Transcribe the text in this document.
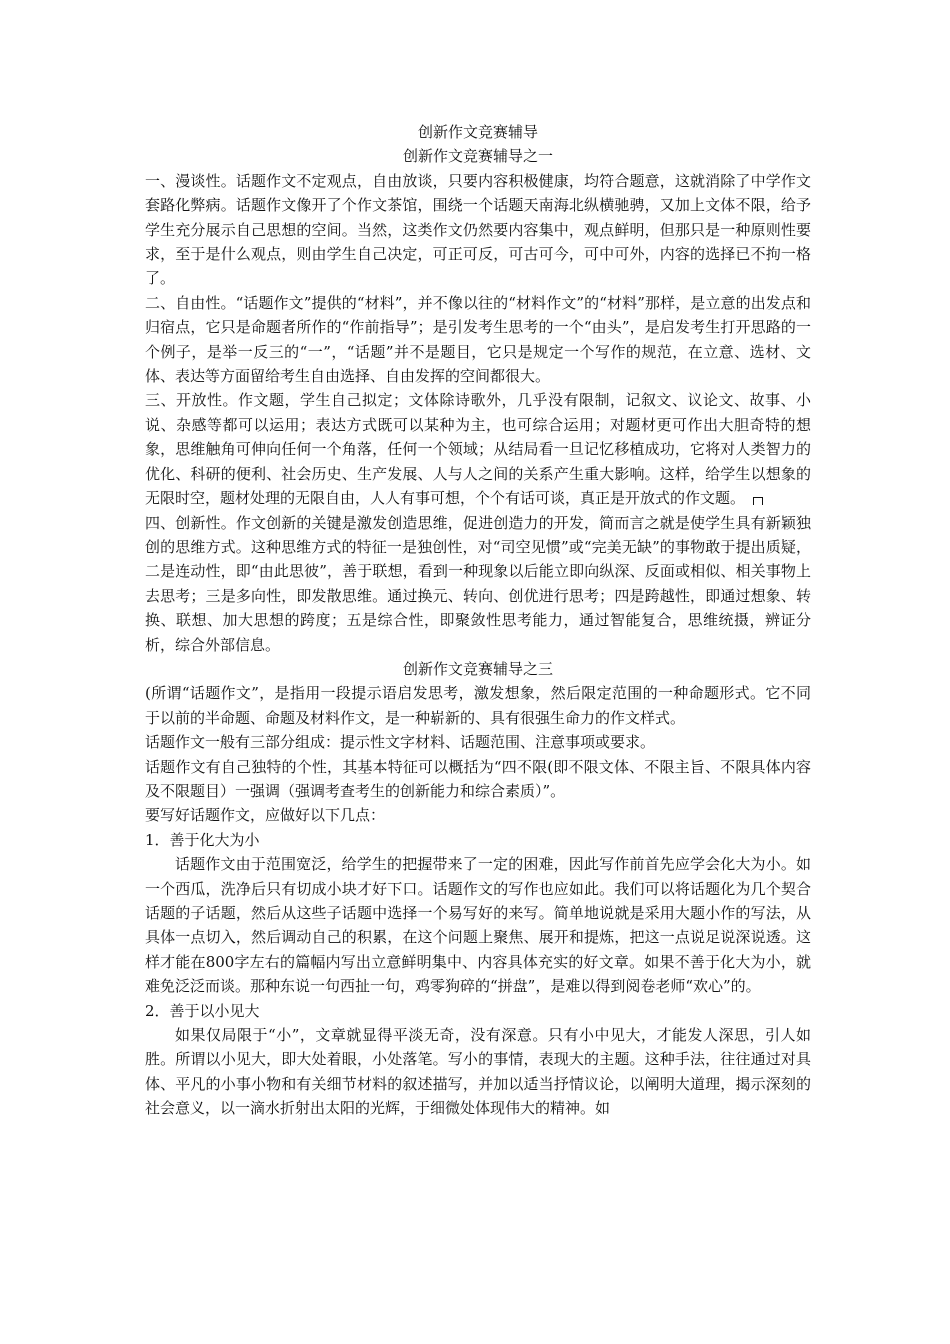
创新作文竞赛辅导

创新作文竞赛辅导之一

一、漫谈性。话题作文不定观点，自由放谈，只要内容积极健康，均符合题意，这就消除了中学作文套路化弊病。话题作文像开了个作文茶馆，围绕一个话题天南海北纵横驰骋，又加上文体不限，给予学生充分展示自己思想的空间。当然，这类作文仍然要内容集中，观点鲜明，但那只是一种原则性要求，至于是什么观点，则由学生自己决定，可正可反，可古可今，可中可外，内容的选择已不拘一格了。

二、自由性。“话题作文”提供的“材料”，并不像以往的“材料作文”的“材料”那样，是立意的出发点和归宿点，它只是命题者所作的“作前指导”；是引发考生思考的一个“由头”，是启发考生打开思路的一个例子，是举一反三的“一”，“话题”并不是题目，它只是规定一个写作的规范，在立意、选材、文体、表达等方面留给考生自由选择、自由发挥的空间都很大。

三、开放性。作文题，学生自己拟定；文体除诗歌外，几乎没有限制，记叙文、议论文、故事、小说、杂感等都可以运用；表达方式既可以某种为主，也可综合运用；对题材更可作出大胆奇特的想象，思维触角可伸向任何一个角落，任何一个领域；从结局看一旦记忆移植成功，它将对人类智力的优化、科研的便利、社会历史、生产发展、人与人之间的关系产生重大影响。这样，给学生以想象的无限时空，题材处理的无限自由，人人有事可想，个个有话可谈，真正是开放式的作文题。

四、创新性。作文创新的关键是激发创造思维，促进创造力的开发，简而言之就是使学生具有新颖独创的思维方式。这种思维方式的特征一是独创性，对“司空见惯”或“完美无缺”的事物敢于提出质疑，二是连动性，即“由此思彼”，善于联想，看到一种现象以后能立即向纵深、反面或相似、相关事物上去思考；三是多向性，即发散思维。通过换元、转向、创优进行思考；四是跨越性，即通过想象、转换、联想、加大思想的跨度；五是综合性，即聚敛性思考能力，通过智能复合，思维统摄，辨证分析，综合外部信息。

创新作文竞赛辅导之三

(所谓“话题作文”，是指用一段提示语启发思考，激发想象，然后限定范围的一种命题形式。它不同于以前的半命题、命题及材料作文，是一种崭新的、具有很强生命力的作文样式。

话题作文一般有三部分组成：提示性文字材料、话题范围、注意事项或要求。

话题作文有自己独特的个性，其基本特征可以概括为“四不限(即不限文体、不限主旨、不限具体内容及不限题目）一强调（强调考查考生的创新能力和综合素质）”。

要写好话题作文，应做好以下几点：

1．善于化大为小

话题作文由于范围宽泛，给学生的把握带来了一定的困难，因此写作前首先应学会化大为小。如一个西瓜，洗净后只有切成小块才好下口。话题作文的写作也应如此。我们可以将话题化为几个契合话题的子话题，然后从这些子话题中选择一个易写好的来写。简单地说就是采用大题小作的写法，从具体一点切入，然后调动自己的积累，在这个问题上聚焦、展开和提炼，把这一点说足说深说透。这样才能在800字左右的篇幅内写出立意鲜明集中、内容具体充实的好文章。如果不善于化大为小，就难免泛泛而谈。那种东说一句西扯一句，鸡零狗碎的“拼盘”，是难以得到阅卷老师“欢心”的。

2．善于以小见大

如果仅局限于“小”，文章就显得平淡无奇，没有深意。只有小中见大，才能发人深思，引人如胜。所谓以小见大，即大处着眼，小处落笔。写小的事情，表现大的主题。这种手法，往往通过对具体、平凡的小事小物和有关细节材料的叙述描写，并加以适当抒情议论，以阐明大道理，揭示深刻的社会意义，以一滴水折射出太阳的光辉，于细微处体现伟大的精神。如
